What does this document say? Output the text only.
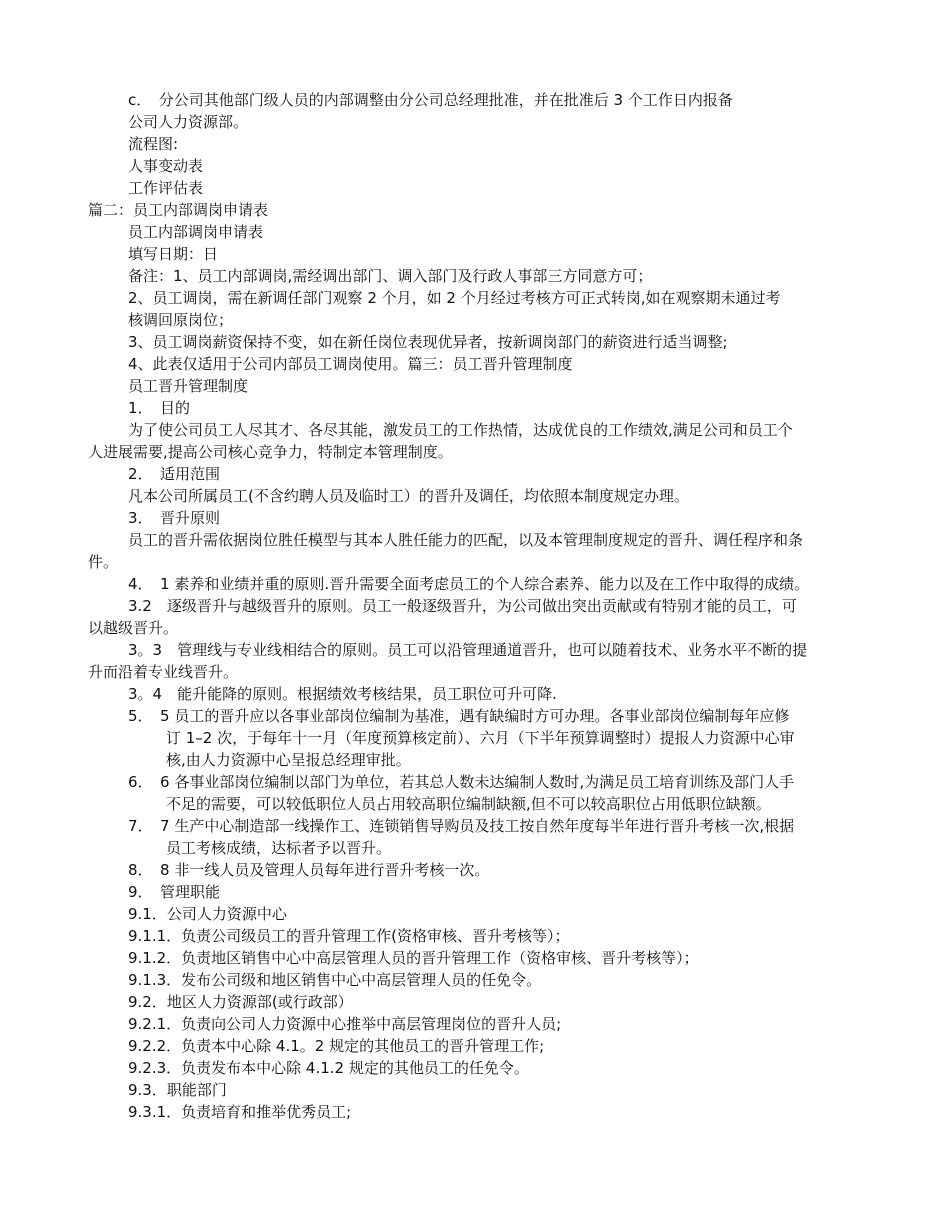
c．　分公司其他部门级人员的内部调整由分公司总经理批准，并在批准后 3 个工作日内报备
公司人力资源部。
流程图:
人事变动表
工作评估表
篇二：员工内部调岗申请表
员工内部调岗申请表
填写日期：日
备注：1、员工内部调岗,需经调出部门、调入部门及行政人事部三方同意方可；
2、员工调岗，需在新调任部门观察 2 个月，如 2 个月经过考核方可正式转岗,如在观察期未通过考
核调回原岗位；
3、员工调岗薪资保持不变，如在新任岗位表现优异者，按新调岗部门的薪资进行适当调整;
4、此表仅适用于公司内部员工调岗使用。篇三：员工晋升管理制度
员工晋升管理制度
1．　目的
为了使公司员工人尽其才、各尽其能，激发员工的工作热情，达成优良的工作绩效,满足公司和员工个
人进展需要,提高公司核心竞争力，特制定本管理制度。
2．　适用范围
凡本公司所属员工(不含约聘人员及临时工）的晋升及调任，均依照本制度规定办理。
3．　晋升原则
员工的晋升需依据岗位胜任模型与其本人胜任能力的匹配，以及本管理制度规定的晋升、调任程序和条
件。
4．　1 素养和业绩并重的原则.晋升需要全面考虑员工的个人综合素养、能力以及在工作中取得的成绩。
3.2　逐级晋升与越级晋升的原则。员工一般逐级晋升，为公司做出突出贡献或有特别才能的员工，可
以越级晋升。
3。3　管理线与专业线相结合的原则。员工可以沿管理通道晋升，也可以随着技术、业务水平不断的提
升而沿着专业线晋升。
3。4　能升能降的原则。根据绩效考核结果，员工职位可升可降.
5．　5 员工的晋升应以各事业部岗位编制为基准，遇有缺编时方可办理。各事业部岗位编制每年应修
订 1–2 次，于每年十一月（年度预算核定前）、六月（下半年预算调整时）提报人力资源中心审
核,由人力资源中心呈报总经理审批。
6．　6 各事业部岗位编制以部门为单位，若其总人数未达编制人数时,为满足员工培育训练及部门人手
不足的需要，可以较低职位人员占用较高职位编制缺额,但不可以较高职位占用低职位缺额。
7．　7 生产中心制造部一线操作工、连锁销售导购员及技工按自然年度每半年进行晋升考核一次,根据
员工考核成绩，达标者予以晋升。
8．　8 非一线人员及管理人员每年进行晋升考核一次。
9．　管理职能
9.1．公司人力资源中心
9.1.1．负责公司级员工的晋升管理工作(资格审核、晋升考核等）；
9.1.2．负责地区销售中心中高层管理人员的晋升管理工作（资格审核、晋升考核等）；
9.1.3．发布公司级和地区销售中心中高层管理人员的任免令。
9.2．地区人力资源部(或行政部）
9.2.1．负责向公司人力资源中心推举中高层管理岗位的晋升人员;
9.2.2．负责本中心除 4.1。2 规定的其他员工的晋升管理工作;
9.2.3．负责发布本中心除 4.1.2 规定的其他员工的任免令。
9.3．职能部门
9.3.1．负责培育和推举优秀员工;
